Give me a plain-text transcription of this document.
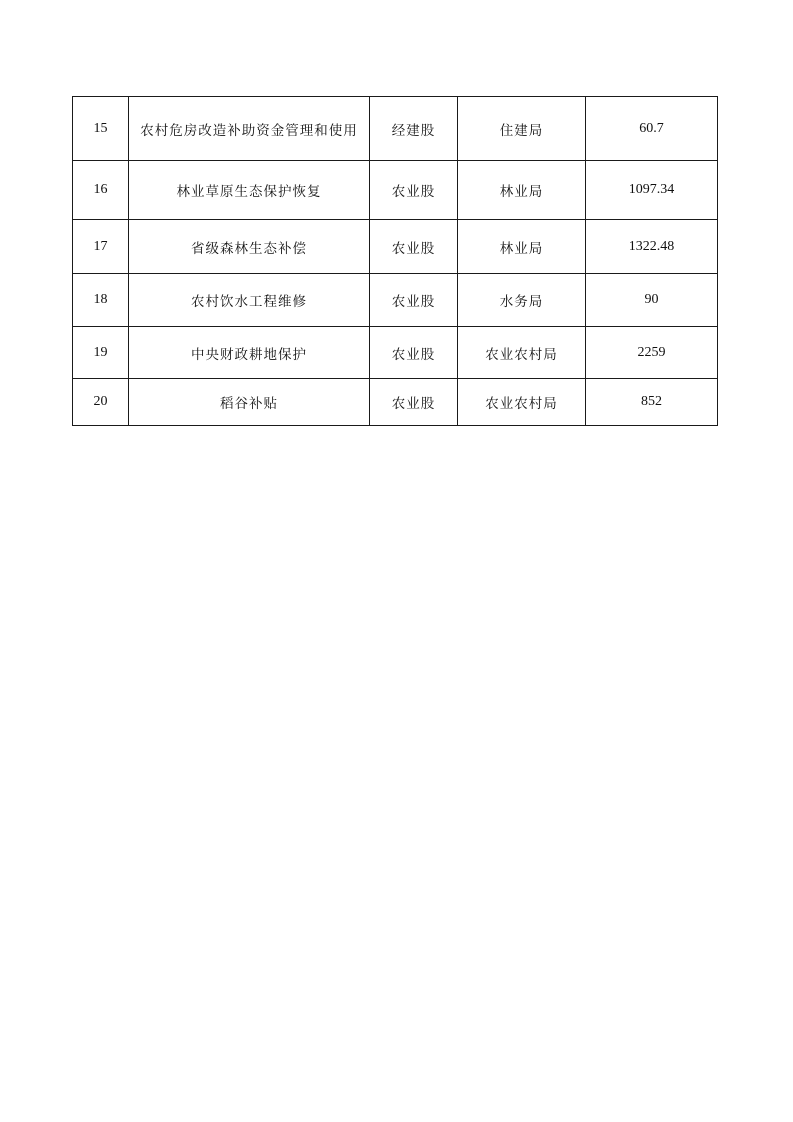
15	农村危房改造补助资金管理和使用	经建股	住建局	60.7
16	林业草原生态保护恢复	农业股	林业局	1097.34
17	省级森林生态补偿	农业股	林业局	1322.48
18	农村饮水工程维修	农业股	水务局	90
19	中央财政耕地保护	农业股	农业农村局	2259
20	稻谷补贴	农业股	农业农村局	852
